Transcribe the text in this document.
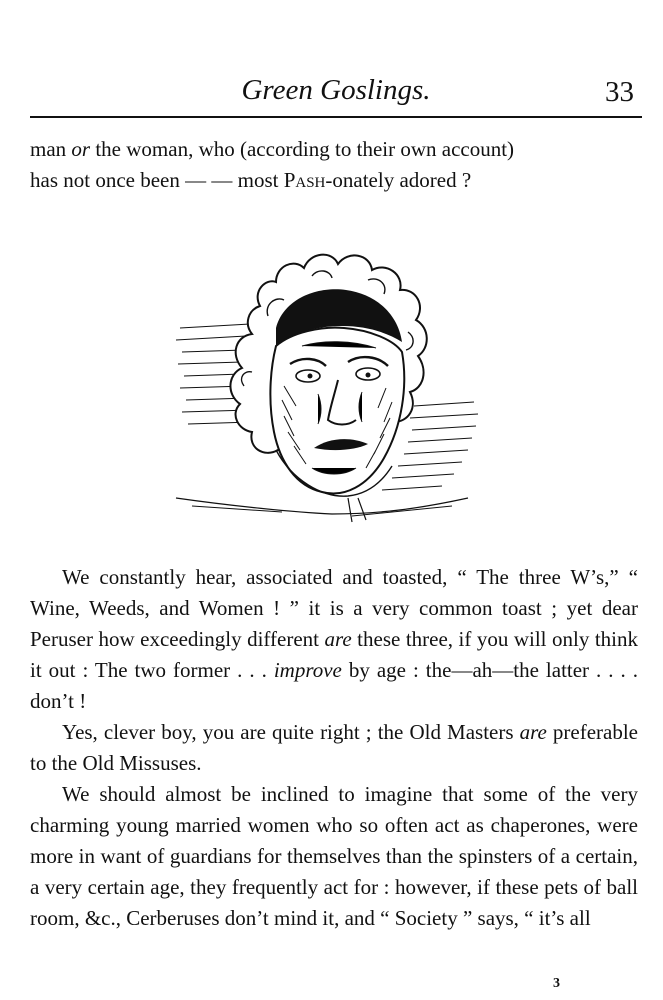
Green Goslings.	33

man or the woman, who (according to their own account)

has not once been — — most Pash-onately adored ?

We constantly hear, associated and toasted, “ The three W’s,” “ Wine, Weeds, and Women ! ” it is a very common toast ; yet dear Peruser how exceedingly different are these three, if you will only think it out : The two former . . . improve by age : the—ah—the latter . . . . don’t !

Yes, clever boy, you are quite right ; the Old Masters are preferable to the Old Missuses.

We should almost be inclined to imagine that some of the very charming young married women who so often act as chaperones, were more in want of guardians for themselves than the spinsters of a certain, a very certain age, they frequently act for : however, if these pets of ball room, &c., Cerberuses don’t mind it, and “ Society ” says, “ it’s all

3
